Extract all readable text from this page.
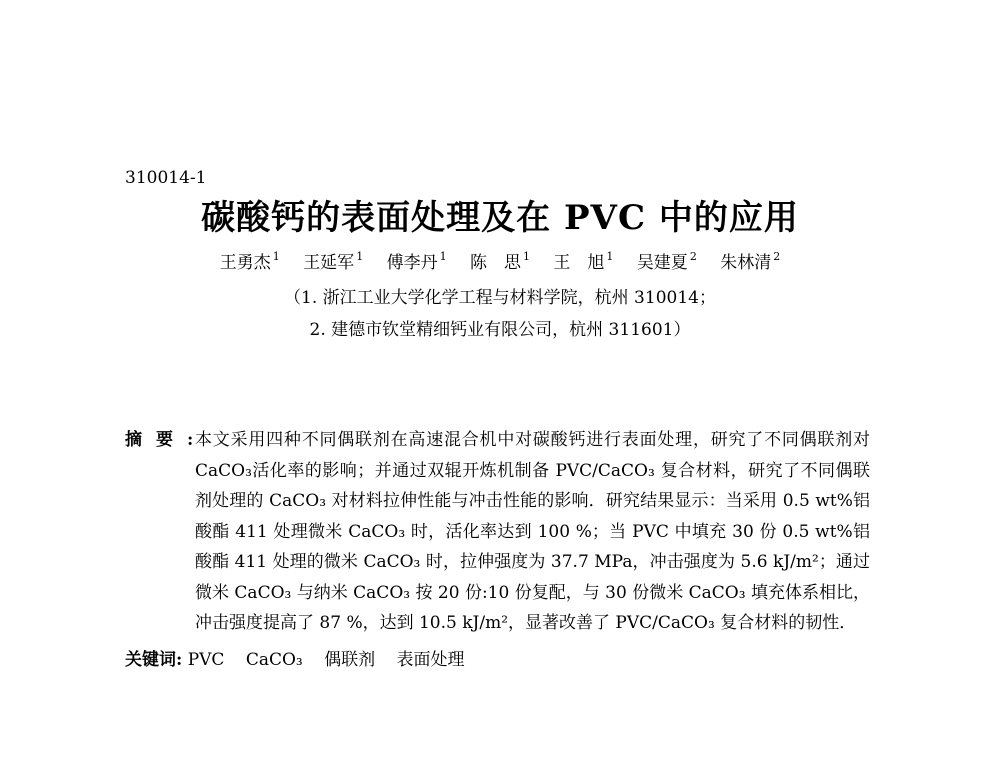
310014-1
碳酸钙的表面处理及在 PVC 中的应用
王勇杰 $^1$ 王延军 $^1$ 傅李丹 $^1$ 陈　思 $^1$ 王　旭 $^1$ 吴建夏 $^2$ 朱林清 $^2$
（1. 浙江工业大学化学工程与材料学院，杭州 310014；
2. 建德市钦堂精细钙业有限公司，杭州 311601）
摘要:
本文采用四种不同偶联剂在高速混合机中对碳酸钙进行表面处理，研究了不同偶联剂对CaCO₃活化率的影响；并通过双辊开炼机制备 PVC/CaCO₃ 复合材料，研究了不同偶联剂处理的 CaCO₃ 对材料拉伸性能与冲击性能的影响．研究结果显示：当采用 0.5 wt%铝酸酯 411 处理微米 CaCO₃ 时，活化率达到 100 %；当 PVC 中填充 30 份 0.5 wt%铝酸酯 411 处理的微米 CaCO₃ 时，拉伸强度为 37.7 MPa，冲击强度为 5.6 kJ/m²；通过微米 CaCO₃ 与纳米 CaCO₃ 按 20 份:10 份复配，与 30 份微米 CaCO₃ 填充体系相比，冲击强度提高了 87 %，达到 10.5 kJ/m²，显著改善了 PVC/CaCO₃ 复合材料的韧性．
关键词: PVC CaCO₃ 偶联剂 表面处理
